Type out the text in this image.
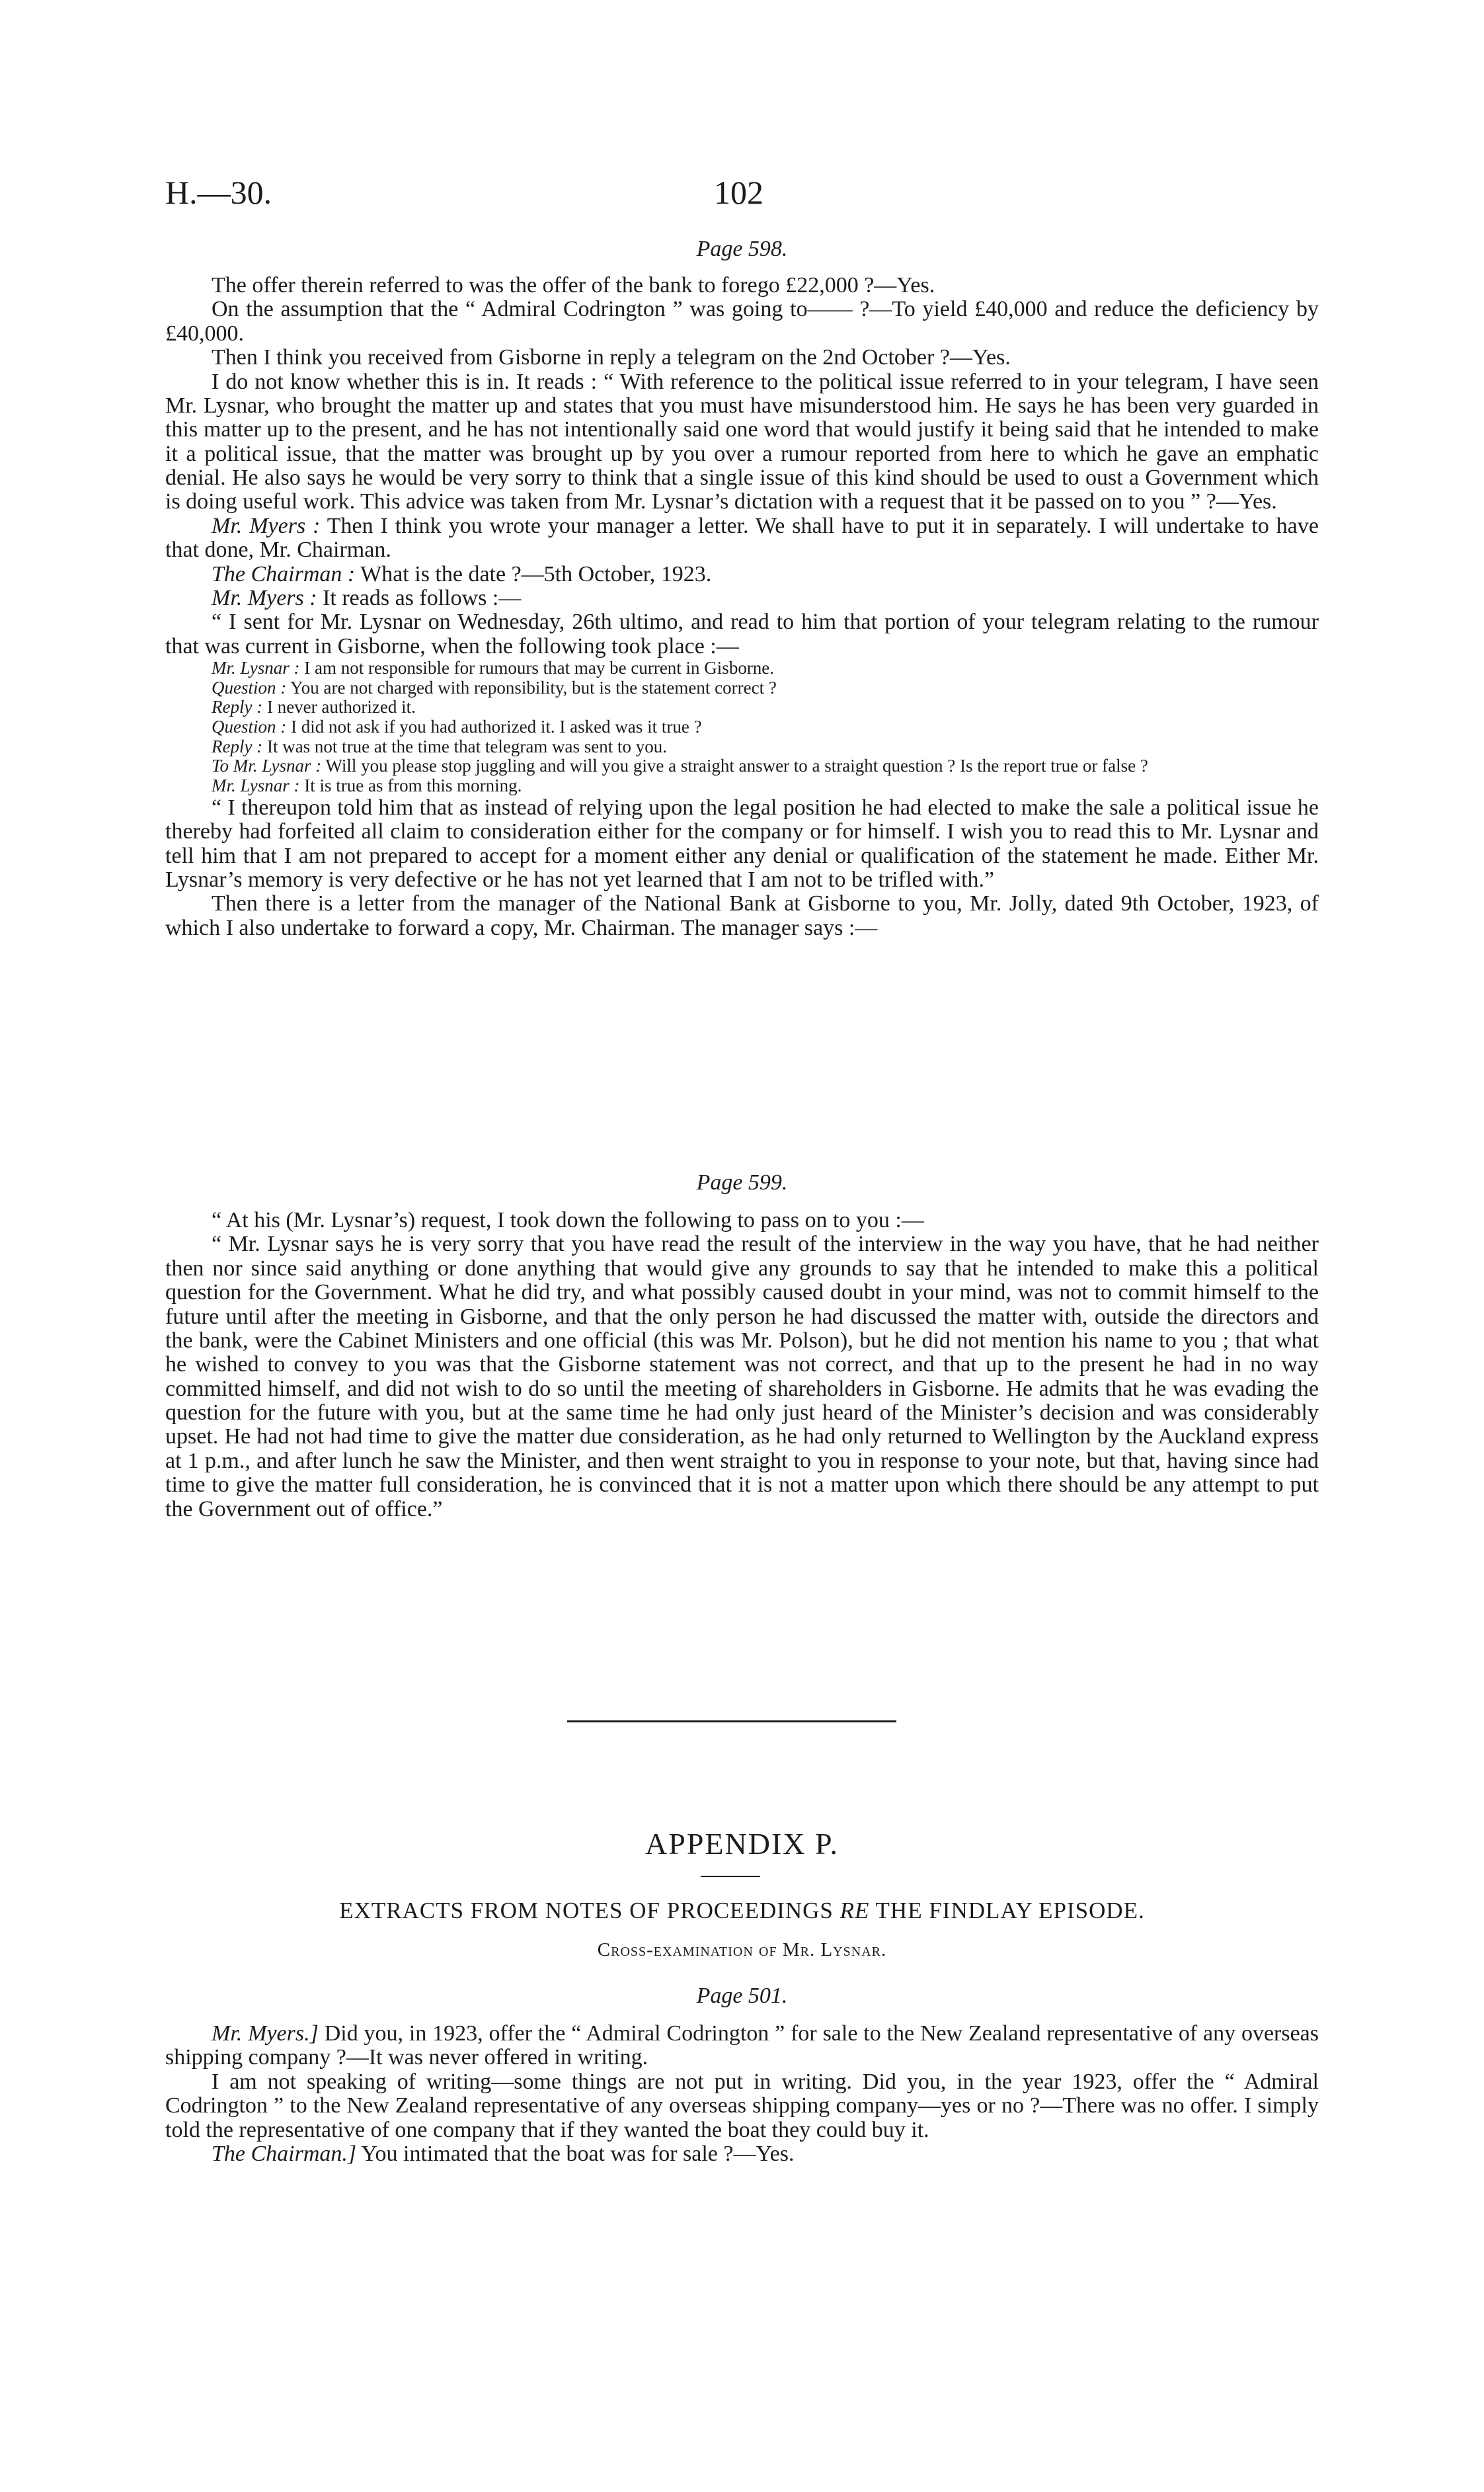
H.—30.	102
Page 598.

The offer therein referred to was the offer of the bank to forego £22,000 ?—Yes.

On the assumption that the “ Admiral Codrington ” was going to—— ?—To yield £40,000 and reduce the deficiency by £40,000.

Then I think you received from Gisborne in reply a telegram on the 2nd October ?—Yes.

I do not know whether this is in. It reads : “ With reference to the political issue referred to in your telegram, I have seen Mr. Lysnar, who brought the matter up and states that you must have misunderstood him. He says he has been very guarded in this matter up to the present, and he has not intentionally said one word that would justify it being said that he intended to make it a political issue, that the matter was brought up by you over a rumour reported from here to which he gave an emphatic denial. He also says he would be very sorry to think that a single issue of this kind should be used to oust a Government which is doing useful work. This advice was taken from Mr. Lysnar’s dictation with a request that it be passed on to you ” ?—Yes.

Mr. Myers : Then I think you wrote your manager a letter. We shall have to put it in separately. I will undertake to have that done, Mr. Chairman.

The Chairman : What is the date ?—5th October, 1923.

Mr. Myers : It reads as follows :—

“ I sent for Mr. Lysnar on Wednesday, 26th ultimo, and read to him that portion of your telegram relating to the rumour that was current in Gisborne, when the following took place :—

Mr. Lysnar : I am not responsible for rumours that may be current in Gisborne.

Question : You are not charged with reponsibility, but is the statement correct ?

Reply : I never authorized it.

Question : I did not ask if you had authorized it. I asked was it true ?

Reply : It was not true at the time that telegram was sent to you.

To Mr. Lysnar : Will you please stop juggling and will you give a straight answer to a straight question ? Is the report true or false ?

Mr. Lysnar : It is true as from this morning.

“ I thereupon told him that as instead of relying upon the legal position he had elected to make the sale a political issue he thereby had forfeited all claim to consideration either for the company or for himself. I wish you to read this to Mr. Lysnar and tell him that I am not prepared to accept for a moment either any denial or qualification of the statement he made. Either Mr. Lysnar’s memory is very defective or he has not yet learned that I am not to be trifled with.”

Then there is a letter from the manager of the National Bank at Gisborne to you, Mr. Jolly, dated 9th October, 1923, of which I also undertake to forward a copy, Mr. Chairman. The manager says :—

Page 599.

“ At his (Mr. Lysnar’s) request, I took down the following to pass on to you :—

“ Mr. Lysnar says he is very sorry that you have read the result of the interview in the way you have, that he had neither then nor since said anything or done anything that would give any grounds to say that he intended to make this a political question for the Government. What he did try, and what possibly caused doubt in your mind, was not to commit himself to the future until after the meeting in Gisborne, and that the only person he had discussed the matter with, outside the directors and the bank, were the Cabinet Ministers and one official (this was Mr. Polson), but he did not mention his name to you ; that what he wished to convey to you was that the Gisborne statement was not correct, and that up to the present he had in no way committed himself, and did not wish to do so until the meeting of shareholders in Gisborne. He admits that he was evading the question for the future with you, but at the same time he had only just heard of the Minister’s decision and was considerably upset. He had not had time to give the matter due consideration, as he had only returned to Wellington by the Auckland express at 1 p.m., and after lunch he saw the Minister, and then went straight to you in response to your note, but that, having since had time to give the matter full consideration, he is convinced that it is not a matter upon which there should be any attempt to put the Government out of office.”

APPENDIX P.
EXTRACTS FROM NOTES OF PROCEEDINGS RE THE FINDLAY EPISODE.
Cross-examination of Mr. Lysnar.
Page 501.

Mr. Myers.] Did you, in 1923, offer the “ Admiral Codrington ” for sale to the New Zealand representative of any overseas shipping company ?—It was never offered in writing.

I am not speaking of writing—some things are not put in writing. Did you, in the year 1923, offer the “ Admiral Codrington ” to the New Zealand representative of any overseas shipping company—yes or no ?—There was no offer. I simply told the representative of one company that if they wanted the boat they could buy it.

The Chairman.] You intimated that the boat was for sale ?—Yes.
